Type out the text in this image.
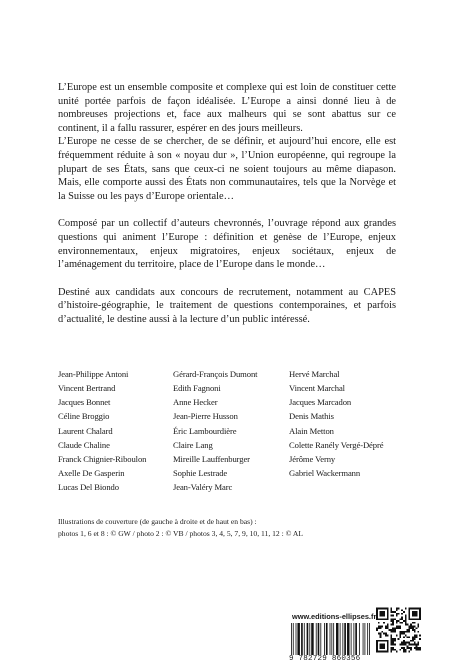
L’Europe est un ensemble composite et complexe qui est loin de constituer cette unité portée parfois de façon idéalisée. L’Europe a ainsi donné lieu à de nombreuses projections et, face aux malheurs qui se sont abattus sur ce continent, il a fallu rassurer, espérer en des jours meilleurs.

L’Europe ne cesse de se chercher, de se définir, et aujourd’hui encore, elle est fréquemment réduite à son « noyau dur », l’Union européenne, qui regroupe la plupart de ses États, sans que ceux-ci ne soient toujours au même diapason. Mais, elle comporte aussi des États non communautaires, tels que la Norvège et la Suisse ou les pays d’Europe orientale…

Composé par un collectif d’auteurs chevronnés, l’ouvrage répond aux grandes questions qui animent l’Europe : définition et genèse de l’Europe, enjeux environnementaux, enjeux migratoires, enjeux sociétaux, enjeux de l’aménagement du territoire, place de l’Europe dans le monde…

Destiné aux candidats aux concours de recrutement, notamment au CAPES d’histoire-géographie, le traitement de questions contemporaines, et parfois d’actualité, le destine aussi à la lecture d’un public intéressé.

Jean-Philippe Antoni
Vincent Bertrand
Jacques Bonnet
Céline Broggio
Laurent Chalard
Claude Chaline
Franck Chignier-Riboulon
Axelle De Gasperin
Lucas Del Biondo
Gérard-François Dumont
Edith Fagnoni
Anne Hecker
Jean-Pierre Husson
Éric Lambourdière
Claire Lang
Mireille Lauffenburger
Sophie Lestrade
Jean-Valéry Marc
Hervé Marchal
Vincent Marchal
Jacques Marcadon
Denis Mathis
Alain Metton
Colette Ranély Vergé-Dépré
Jérôme Verny
Gabriel Wackermann
Illustrations de couverture (de gauche à droite et de haut en bas) :
photos 1, 6 et 8 : © GW / photo 2 : © VB / photos 3, 4, 5, 7, 9, 10, 11, 12 : © AL
www.editions-ellipses.fr
9 782729 860356
